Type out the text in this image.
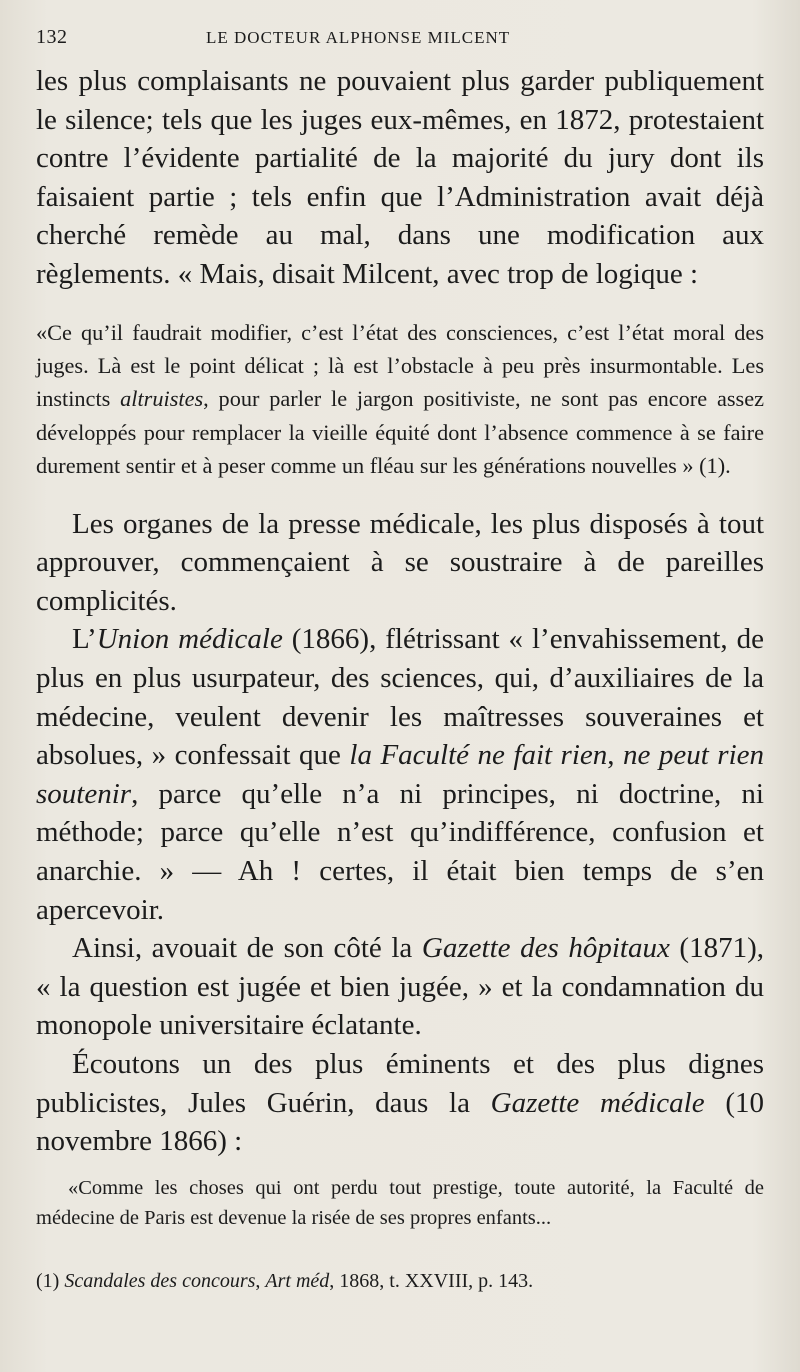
132	LE DOCTEUR ALPHONSE MILCENT

les plus complaisants ne pouvaient plus garder publiquement le silence; tels que les juges eux-mêmes, en 1872, protestaient contre l’évidente partialité de la majorité du jury dont ils faisaient partie ; tels enfin que l’Administration avait déjà cherché remède au mal, dans une modification aux règlements. « Mais, disait Milcent, avec trop de logique :

«Ce qu’il faudrait modifier, c’est l’état des consciences, c’est l’état moral des juges. Là est le point délicat ; là est l’obstacle à peu près insurmontable. Les instincts altruistes, pour parler le jargon positiviste, ne sont pas encore assez développés pour remplacer la vieille équité dont l’absence commence à se faire durement sentir et à peser comme un fléau sur les générations nouvelles » (1).

Les organes de la presse médicale, les plus disposés à tout approuver, commençaient à se soustraire à de pareilles complicités.

L’Union médicale (1866), flétrissant « l’envahissement, de plus en plus usurpateur, des sciences, qui, d’auxiliaires de la médecine, veulent devenir les maîtresses souveraines et absolues, » confessait que la Faculté ne fait rien, ne peut rien soutenir, parce qu’elle n’a ni principes, ni doctrine, ni méthode; parce qu’elle n’est qu’indifférence, confusion et anarchie. » — Ah ! certes, il était bien temps de s’en apercevoir.

Ainsi, avouait de son côté la Gazette des hôpitaux (1871), « la question est jugée et bien jugée, » et la condamnation du monopole universitaire éclatante.

Écoutons un des plus éminents et des plus dignes publicistes, Jules Guérin, daus la Gazette médicale (10 novembre 1866) :

«Comme les choses qui ont perdu tout prestige, toute autorité, la Faculté de médecine de Paris est devenue la risée de ses propres enfants...

(1) Scandales des concours, Art méd, 1868, t. XXVIII, p. 143.
